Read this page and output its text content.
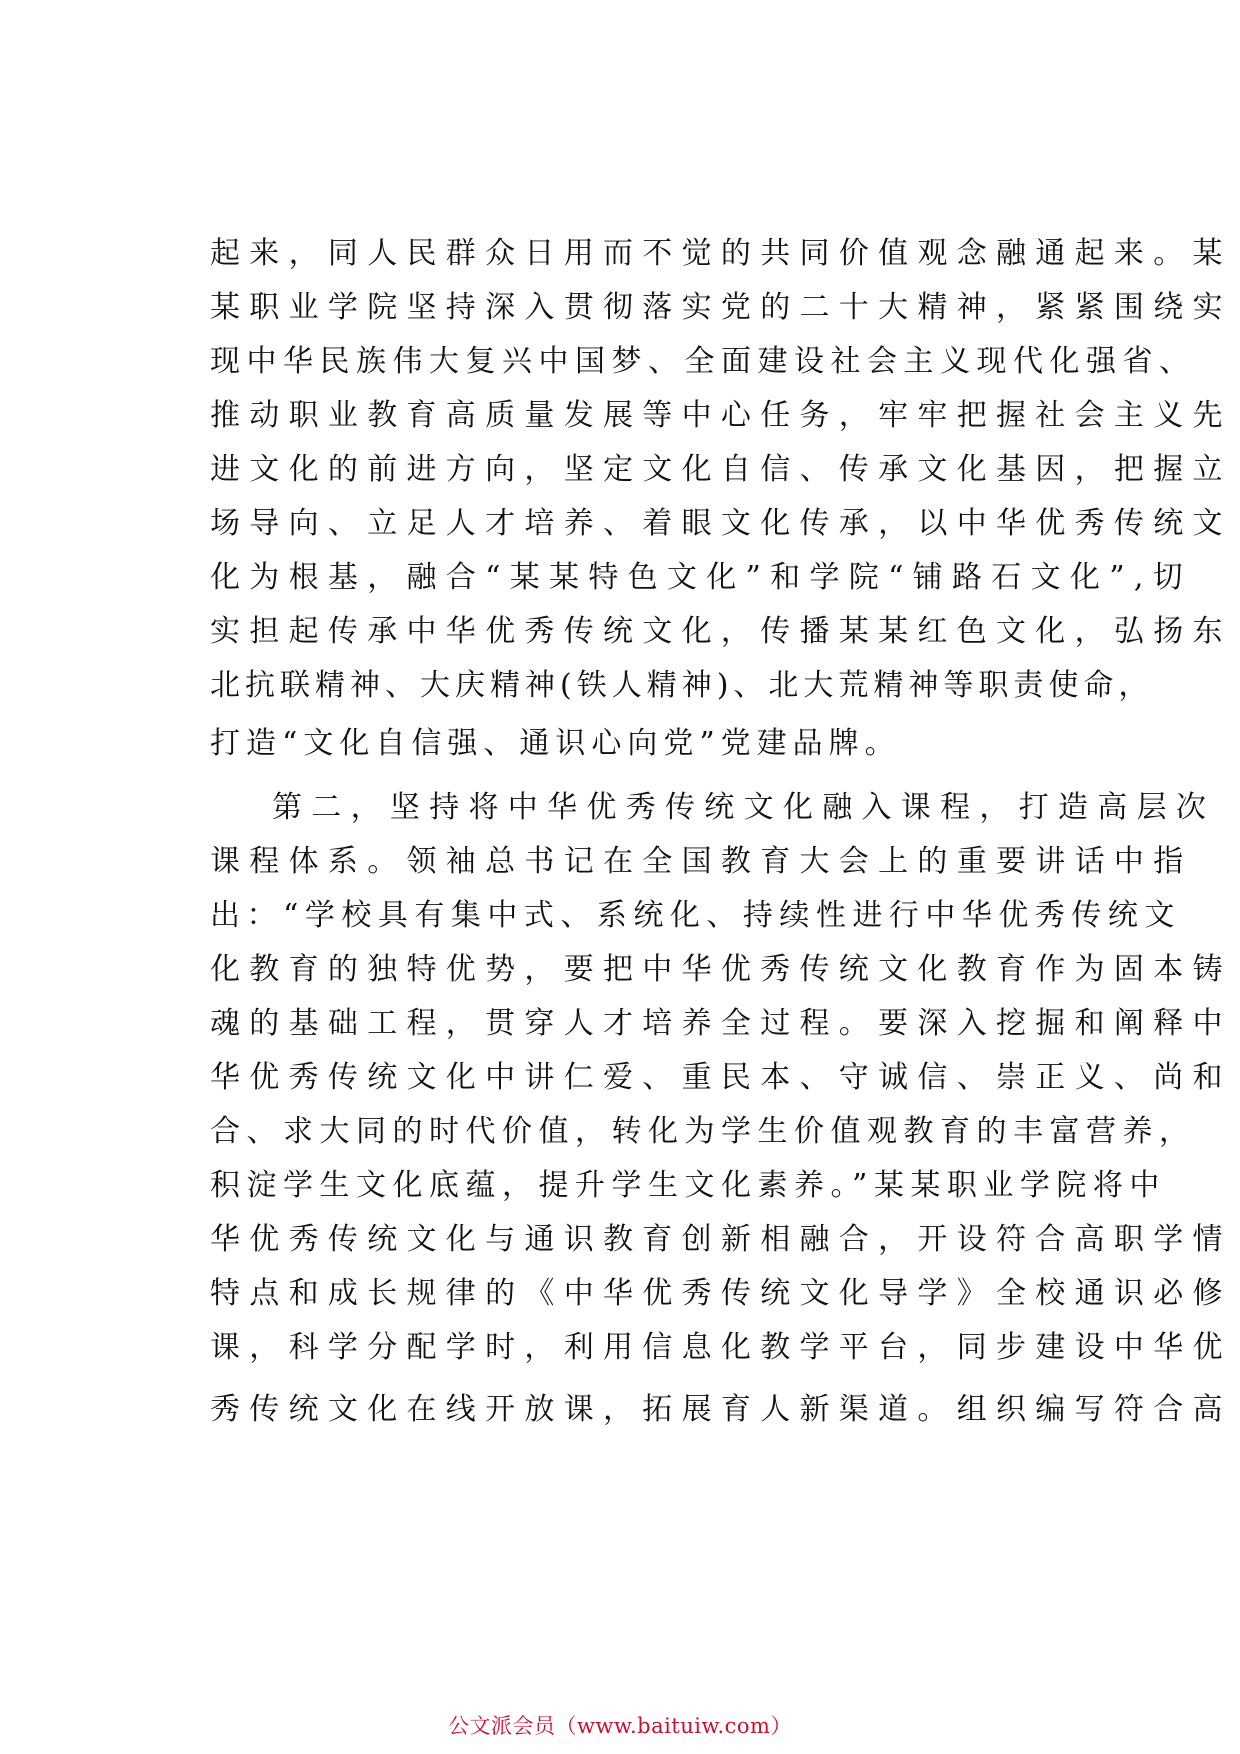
起来，同人民群众日用而不觉的共同价值观念融通起来。某
某职业学院坚持深入贯彻落实党的二十大精神，紧紧围绕实
现中华民族伟大复兴中国梦、全面建设社会主义现代化强省、
推动职业教育高质量发展等中心任务，牢牢把握社会主义先
进文化的前进方向，坚定文化自信、传承文化基因，把握立
场导向、立足人才培养、着眼文化传承，以中华优秀传统文
化为根基，融合“某某特色文化”和学院“铺路石文化”,切
实担起传承中华优秀传统文化，传播某某红色文化，弘扬东
北抗联精神、大庆精神(铁人精神)、北大荒精神等职责使命，
打造“文化自信强、通识心向党”党建品牌。
第二，坚持将中华优秀传统文化融入课程，打造高层次
课程体系。领袖总书记在全国教育大会上的重要讲话中指
出：“学校具有集中式、系统化、持续性进行中华优秀传统文
化教育的独特优势，要把中华优秀传统文化教育作为固本铸
魂的基础工程，贯穿人才培养全过程。要深入挖掘和阐释中
华优秀传统文化中讲仁爱、重民本、守诚信、崇正义、尚和
合、求大同的时代价值，转化为学生价值观教育的丰富营养，
积淀学生文化底蕴，提升学生文化素养。”某某职业学院将中
华优秀传统文化与通识教育创新相融合，开设符合高职学情
特点和成长规律的《中华优秀传统文化导学》全校通识必修
课，科学分配学时，利用信息化教学平台，同步建设中华优
秀传统文化在线开放课，拓展育人新渠道。组织编写符合高
公文派会员（www.baituiw.com）
